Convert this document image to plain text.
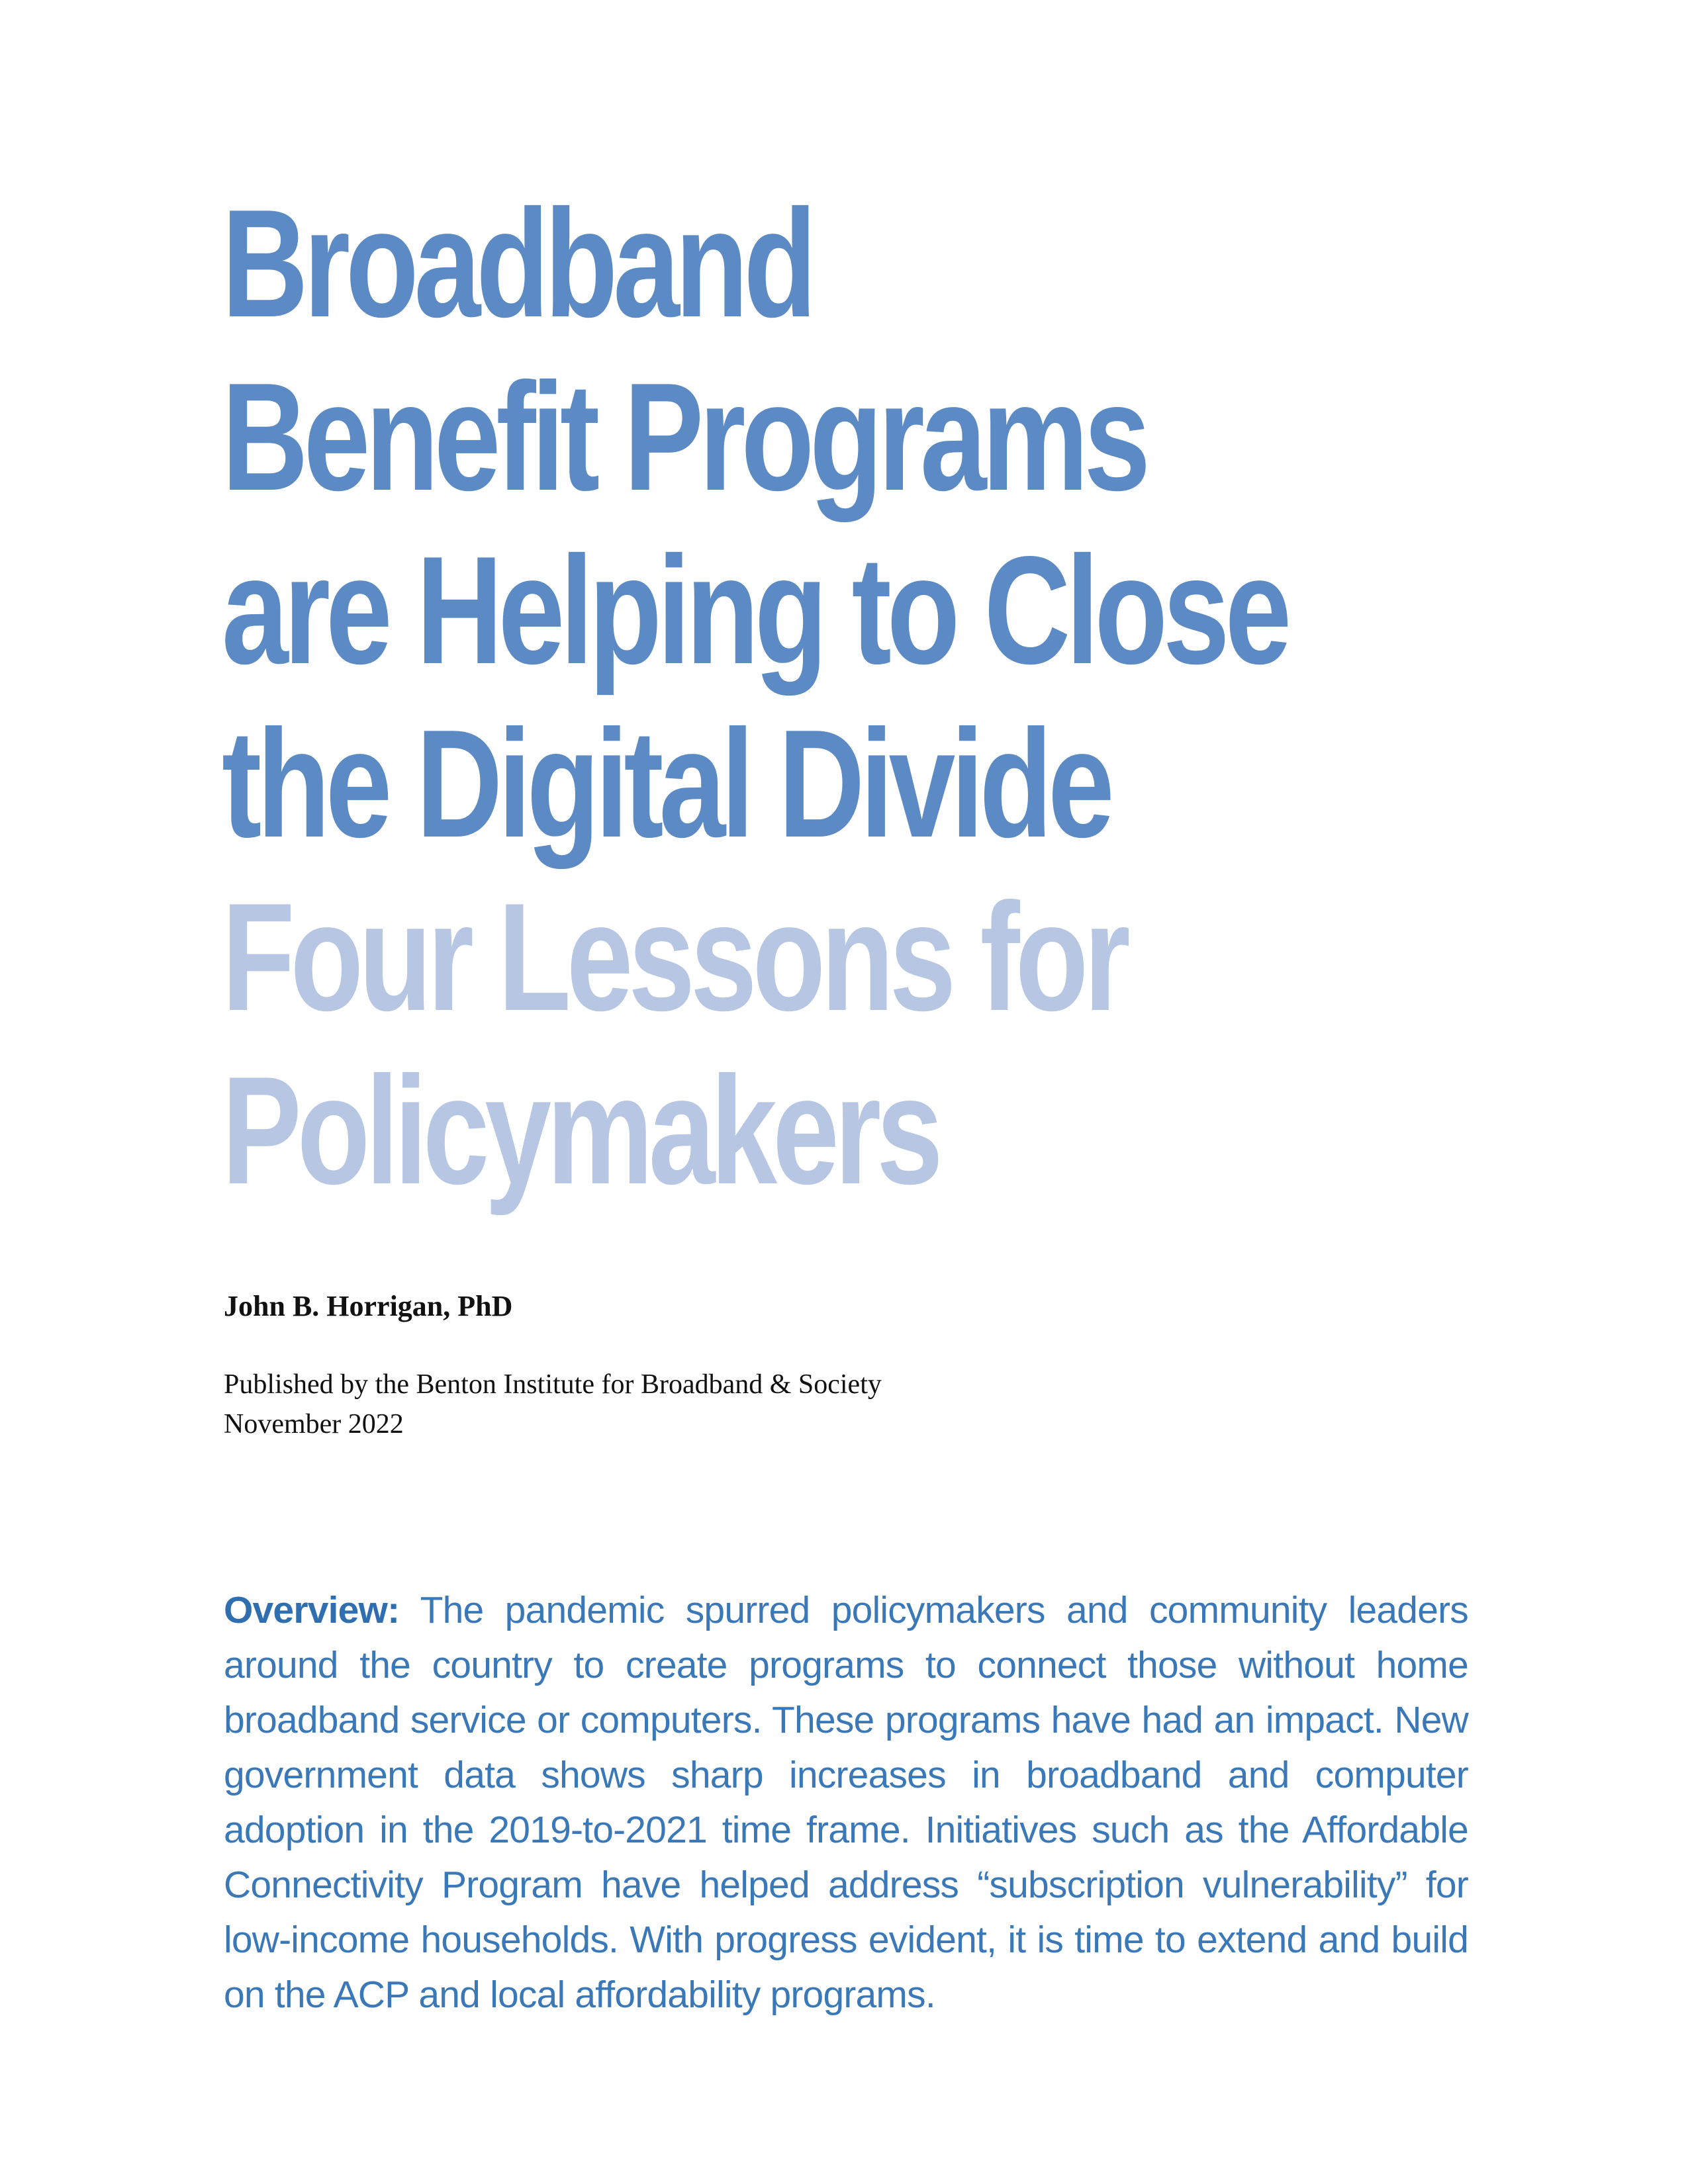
Broadband
Benefit Programs
are Helping to Close
the Digital Divide
Four Lessons for
Policymakers
John B. Horrigan, PhD
Published by the Benton Institute for Broadband & Society
November 2022

Overview: The pandemic spurred policymakers and community leaders around the country to create programs to connect those without home broadband service or computers. These programs have had an impact. New government data shows sharp increases in broadband and computer adoption in the 2019-to-2021 time frame. Initiatives such as the Affordable Connectivity Program have helped address “subscription vulnerability” for low-income households. With progress evident, it is time to extend and build on the ACP and local affordability programs.
